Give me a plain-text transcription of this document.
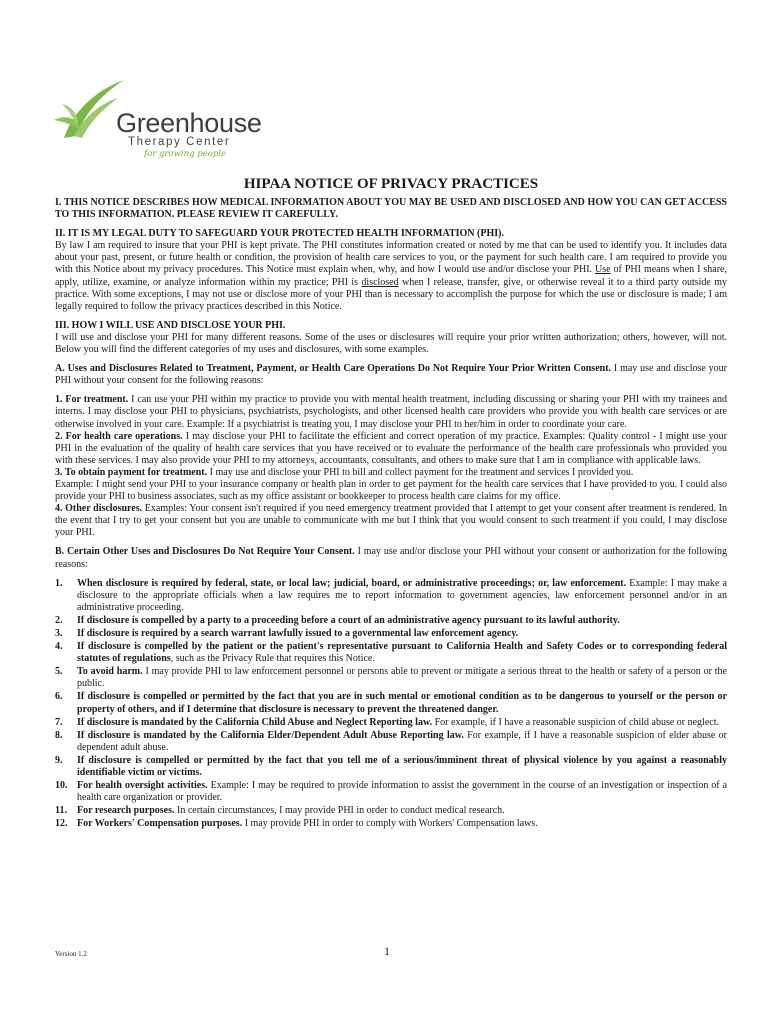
Greenhouse
Therapy Center
for growing people
HIPAA NOTICE OF PRIVACY PRACTICES

I. THIS NOTICE DESCRIBES HOW MEDICAL INFORMATION ABOUT YOU MAY BE USED AND DISCLOSED AND HOW YOU CAN GET ACCESS TO THIS INFORMATION. PLEASE REVIEW IT CAREFULLY.

II. IT IS MY LEGAL DUTY TO SAFEGUARD YOUR PROTECTED HEALTH INFORMATION (PHI).

By law I am required to insure that your PHI is kept private. The PHI constitutes information created or noted by me that can be used to identify you. It includes data about your past, present, or future health or condition, the provision of health care services to you, or the payment for such health care. I am required to provide you with this Notice about my privacy procedures. This Notice must explain when, why, and how I would use and/or disclose your PHI. Use of PHI means when I share, apply, utilize, examine, or analyze information within my practice; PHI is disclosed when I release, transfer, give, or otherwise reveal it to a third party outside my practice. With some exceptions, I may not use or disclose more of your PHI than is necessary to accomplish the purpose for which the use or disclosure is made; I am legally required to follow the privacy practices described in this Notice.

III. HOW I WILL USE AND DISCLOSE YOUR PHI.

I will use and disclose your PHI for many different reasons. Some of the uses or disclosures will require your prior written authorization; others, however, will not. Below you will find the different categories of my uses and disclosures, with some examples.

A. Uses and Disclosures Related to Treatment, Payment, or Health Care Operations Do Not Require Your Prior Written Consent. I may use and disclose your PHI without your consent for the following reasons:

1. For treatment. I can use your PHI within my practice to provide you with mental health treatment, including discussing or sharing your PHI with my trainees and interns. I may disclose your PHI to physicians, psychiatrists, psychologists, and other licensed health care providers who provide you with health care services or are otherwise involved in your care. Example: If a psychiatrist is treating you, I may disclose your PHI to her/him in order to coordinate your care.

2. For health care operations. I may disclose your PHI to facilitate the efficient and correct operation of my practice. Examples: Quality control - I might use your PHI in the evaluation of the quality of health care services that you have received or to evaluate the performance of the health care professionals who provided you with these services. I may also provide your PHI to my attorneys, accountants, consultants, and others to make sure that I am in compliance with applicable laws.

3. To obtain payment for treatment. I may use and disclose your PHI to bill and collect payment for the treatment and services I provided you.

Example: I might send your PHI to your insurance company or health plan in order to get payment for the health care services that I have provided to you. I could also provide your PHI to business associates, such as my office assistant or bookkeeper to process health care claims for my office.

4. Other disclosures. Examples: Your consent isn't required if you need emergency treatment provided that I attempt to get your consent after treatment is rendered. In the event that I try to get your consent but you are unable to communicate with me but I think that you would consent to such treatment if you could, I may disclose your PHI.

B. Certain Other Uses and Disclosures Do Not Require Your Consent. I may use and/or disclose your PHI without your consent or authorization for the following reasons:

1.	When disclosure is required by federal, state, or local law; judicial, board, or administrative proceedings; or, law enforcement. Example: I may make a disclosure to the appropriate officials when a law requires me to report information to government agencies, law enforcement personnel and/or in an administrative proceeding.
2.	If disclosure is compelled by a party to a proceeding before a court of an administrative agency pursuant to its lawful authority.
3.	If disclosure is required by a search warrant lawfully issued to a governmental law enforcement agency.
4.	If disclosure is compelled by the patient or the patient's representative pursuant to California Health and Safety Codes or to corresponding federal statutes of regulations, such as the Privacy Rule that requires this Notice.
5.	To avoid harm. I may provide PHI to law enforcement personnel or persons able to prevent or mitigate a serious threat to the health or safety of a person or the public.
6.	If disclosure is compelled or permitted by the fact that you are in such mental or emotional condition as to be dangerous to yourself or the person or property of others, and if I determine that disclosure is necessary to prevent the threatened danger.
7.	If disclosure is mandated by the California Child Abuse and Neglect Reporting law. For example, if I have a reasonable suspicion of child abuse or neglect.
8.	If disclosure is mandated by the California Elder/Dependent Adult Abuse Reporting law. For example, if I have a reasonable suspicion of elder abuse or dependent adult abuse.
9.	If disclosure is compelled or permitted by the fact that you tell me of a serious/imminent threat of physical violence by you against a reasonably identifiable victim or victims.
10. For health oversight activities. Example: I may be required to provide information to assist the government in the course of an investigation or inspection of a health care organization or provider.
11.	For research purposes. In certain circumstances, I may provide PHI in order to conduct medical research.
12. For Workers' Compensation purposes. I may provide PHI in order to comply with Workers' Compensation laws.
Version 1.2	1
